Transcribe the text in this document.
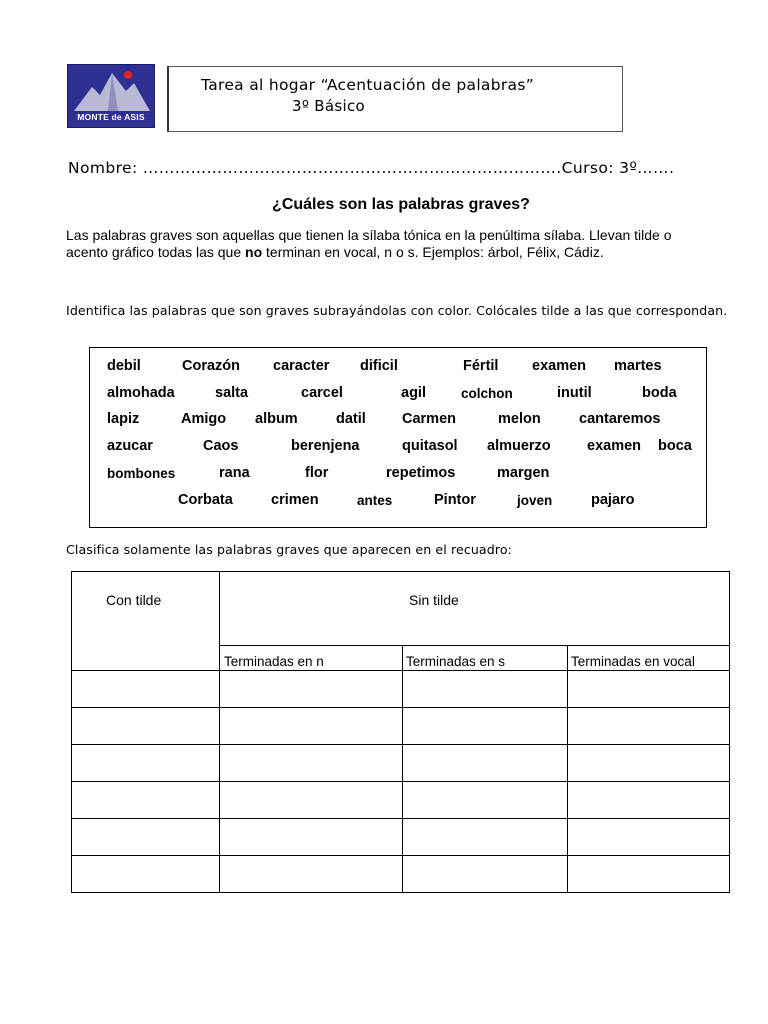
MONTE de ASIS
Tarea al hogar “Acentuación de palabras”
3º Básico
Nombre: …………………………………………………………………….Curso: 3º…….
¿Cuáles son las palabras graves?
Las palabras graves son aquellas que tienen la sílaba tónica en la penúltima sílaba. Llevan tilde o acento gráfico todas las que no terminan en vocal, n o s. Ejemplos: árbol, Félix, Cádiz.
Identifica las palabras que son graves subrayándolas con color. Colócales tilde a las que correspondan.
debil	Corazón caracter dificil	Fértil examen martes
almohada	salta	carcel	agil	colchon	inutil	boda
lapiz	Amigo album	datil Carmen	melon	cantaremos
azucar	Caos	berenjena	quitasol almuerzo	examen boca
bombones	rana	flor	repetimos	margen
Corbata	crimen	antes	Pintor	joven	pajaro
Clasifica solamente las palabras graves que aparecen en el recuadro:
Con tilde	Sin tilde
Terminadas en n	Terminadas en s	Terminadas en vocal
